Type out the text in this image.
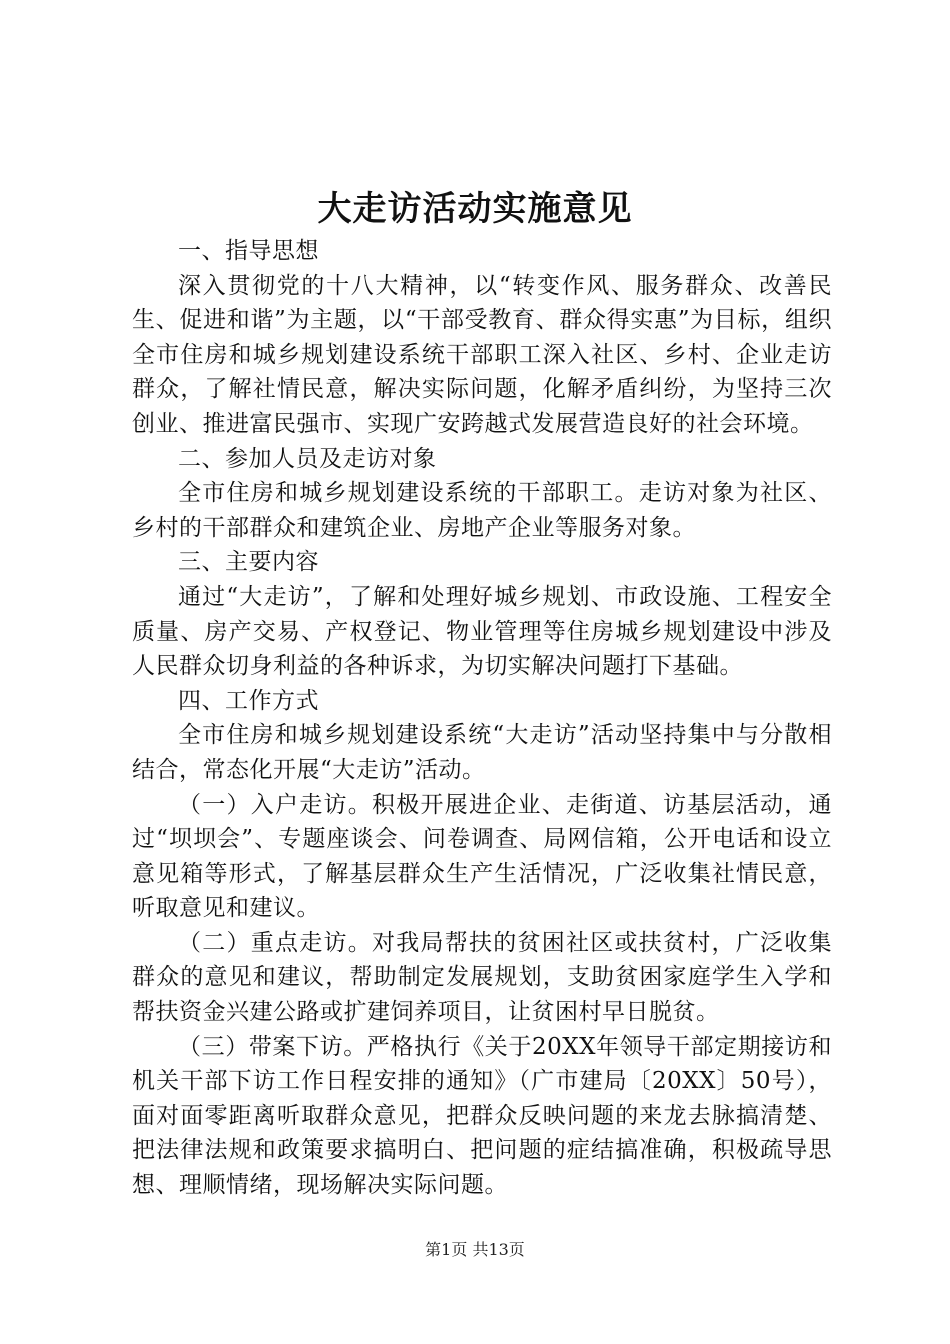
大走访活动实施意见

一、指导思想

深入贯彻党的十八大精神，以“转变作风、服务群众、改善民生、促进和谐”为主题，以“干部受教育、群众得实惠”为目标，组织全市住房和城乡规划建设系统干部职工深入社区、乡村、企业走访群众，了解社情民意，解决实际问题，化解矛盾纠纷，为坚持三次创业、推进富民强市、实现广安跨越式发展营造良好的社会环境。

二、参加人员及走访对象

全市住房和城乡规划建设系统的干部职工。走访对象为社区、乡村的干部群众和建筑企业、房地产企业等服务对象。

三、主要内容

通过“大走访”，了解和处理好城乡规划、市政设施、工程安全质量、房产交易、产权登记、物业管理等住房城乡规划建设中涉及人民群众切身利益的各种诉求，为切实解决问题打下基础。

四、工作方式

全市住房和城乡规划建设系统“大走访”活动坚持集中与分散相结合，常态化开展“大走访”活动。

（一）入户走访。积极开展进企业、走街道、访基层活动，通过“坝坝会”、专题座谈会、问卷调查、局网信箱，公开电话和设立意见箱等形式，了解基层群众生产生活情况，广泛收集社情民意，听取意见和建议。

（二）重点走访。对我局帮扶的贫困社区或扶贫村，广泛收集群众的意见和建议，帮助制定发展规划，支助贫困家庭学生入学和帮扶资金兴建公路或扩建饲养项目，让贫困村早日脱贫。

（三）带案下访。严格执行《关于20XX年领导干部定期接访和机关干部下访工作日程安排的通知》（广市建局〔20XX〕50号），面对面零距离听取群众意见，把群众反映问题的来龙去脉搞清楚、把法律法规和政策要求搞明白、把问题的症结搞准确，积极疏导思想、理顺情绪，现场解决实际问题。

第1页 共13页
